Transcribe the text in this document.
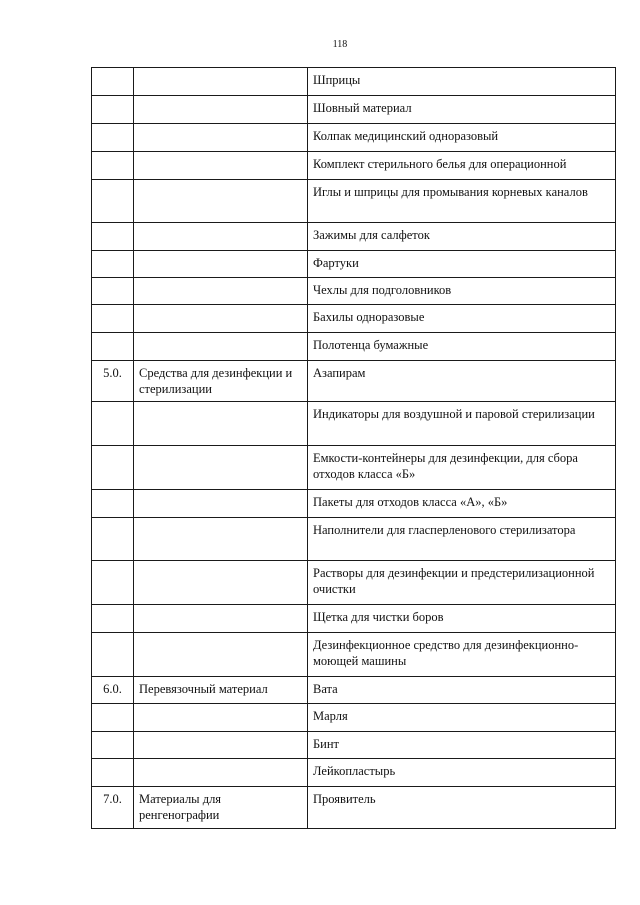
118
		Шприцы
		Шовный материал
		Колпак медицинский одноразовый
		Комплект стерильного белья для операционной
		Иглы и шприцы для промывания корневых каналов
		Зажимы для салфеток
		Фартуки
		Чехлы для подголовников
		Бахилы одноразовые
		Полотенца бумажные
5.0.	Средства для дезинфекции и стерилизации	Азапирам
		Индикаторы для воздушной и паровой стерилизации
		Емкости-контейнеры для дезинфекции, для сбора отходов класса «Б»
		Пакеты для отходов класса «А», «Б»
		Наполнители для гласперленового стерилизатора
		Растворы для дезинфекции и предстерилизационной очистки
		Щетка для чистки боров
		Дезинфекционное средство для дезинфекционно-моющей машины
6.0.	Перевязочный материал	Вата
		Марля
		Бинт
		Лейкопластырь
7.0.	Материалы для ренгенографии	Проявитель
